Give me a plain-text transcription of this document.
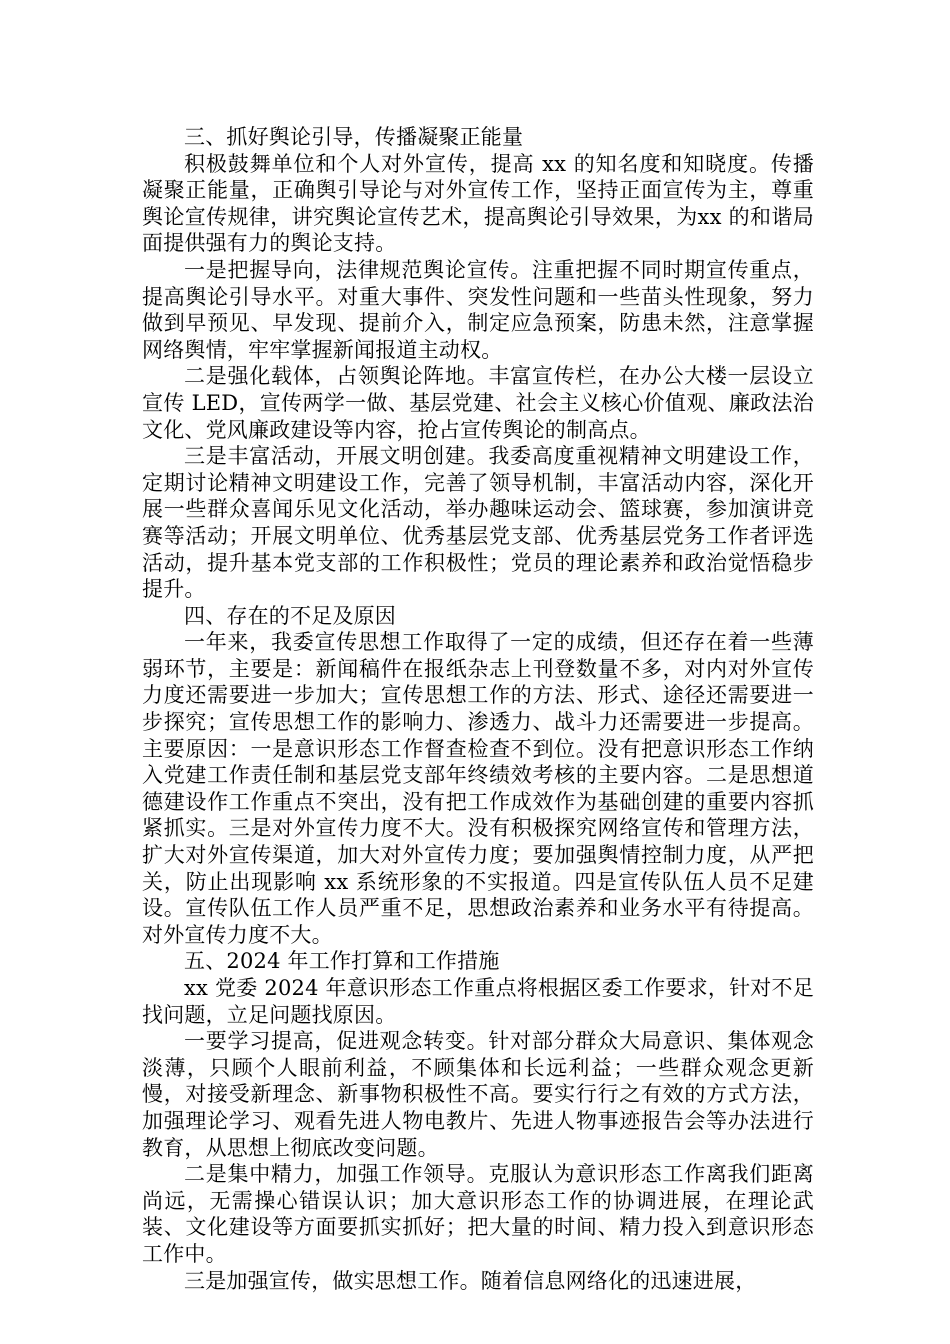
三、抓好舆论引导，传播凝聚正能量

积极鼓舞单位和个人对外宣传，提高 xx 的知名度和知晓度。传播凝聚正能量，正确舆引导论与对外宣传工作，坚持正面宣传为主，尊重舆论宣传规律，讲究舆论宣传艺术，提高舆论引导效果，为xx 的和谐局面提供强有力的舆论支持。

一是把握导向，法律规范舆论宣传。注重把握不同时期宣传重点，提高舆论引导水平。对重大事件、突发性问题和一些苗头性现象，努力做到早预见、早发现、提前介入，制定应急预案，防患未然，注意掌握网络舆情，牢牢掌握新闻报道主动权。

二是强化载体，占领舆论阵地。丰富宣传栏，在办公大楼一层设立宣传 LED，宣传两学一做、基层党建、社会主义核心价值观、廉政法治文化、党风廉政建设等内容，抢占宣传舆论的制高点。

三是丰富活动，开展文明创建。我委高度重视精神文明建设工作，定期讨论精神文明建设工作，完善了领导机制，丰富活动内容，深化开展一些群众喜闻乐见文化活动，举办趣味运动会、篮球赛，参加演讲竞赛等活动；开展文明单位、优秀基层党支部、优秀基层党务工作者评选活动，提升基本党支部的工作积极性；党员的理论素养和政治觉悟稳步提升。

四、存在的不足及原因

一年来，我委宣传思想工作取得了一定的成绩，但还存在着一些薄弱环节，主要是：新闻稿件在报纸杂志上刊登数量不多，对内对外宣传力度还需要进一步加大；宣传思想工作的方法、形式、途径还需要进一步探究；宣传思想工作的影响力、渗透力、战斗力还需要进一步提高。主要原因：一是意识形态工作督查检查不到位。没有把意识形态工作纳入党建工作责任制和基层党支部年终绩效考核的主要内容。二是思想道德建设作工作重点不突出，没有把工作成效作为基础创建的重要内容抓紧抓实。三是对外宣传力度不大。没有积极探究网络宣传和管理方法，扩大对外宣传渠道，加大对外宣传力度；要加强舆情控制力度，从严把关，防止出现影响 xx 系统形象的不实报道。四是宣传队伍人员不足建设。宣传队伍工作人员严重不足，思想政治素养和业务水平有待提高。对外宣传力度不大。

五、2024 年工作打算和工作措施

xx 党委 2024 年意识形态工作重点将根据区委工作要求，针对不足找问题，立足问题找原因。

一要学习提高，促进观念转变。针对部分群众大局意识、集体观念淡薄，只顾个人眼前利益，不顾集体和长远利益；一些群众观念更新慢，对接受新理念、新事物积极性不高。要实行行之有效的方式方法，加强理论学习、观看先进人物电教片、先进人物事迹报告会等办法进行教育，从思想上彻底改变问题。

二是集中精力，加强工作领导。克服认为意识形态工作离我们距离尚远，无需操心错误认识；加大意识形态工作的协调进展，在理论武装、文化建设等方面要抓实抓好；把大量的时间、精力投入到意识形态工作中。

三是加强宣传，做实思想工作。随着信息网络化的迅速进展，
